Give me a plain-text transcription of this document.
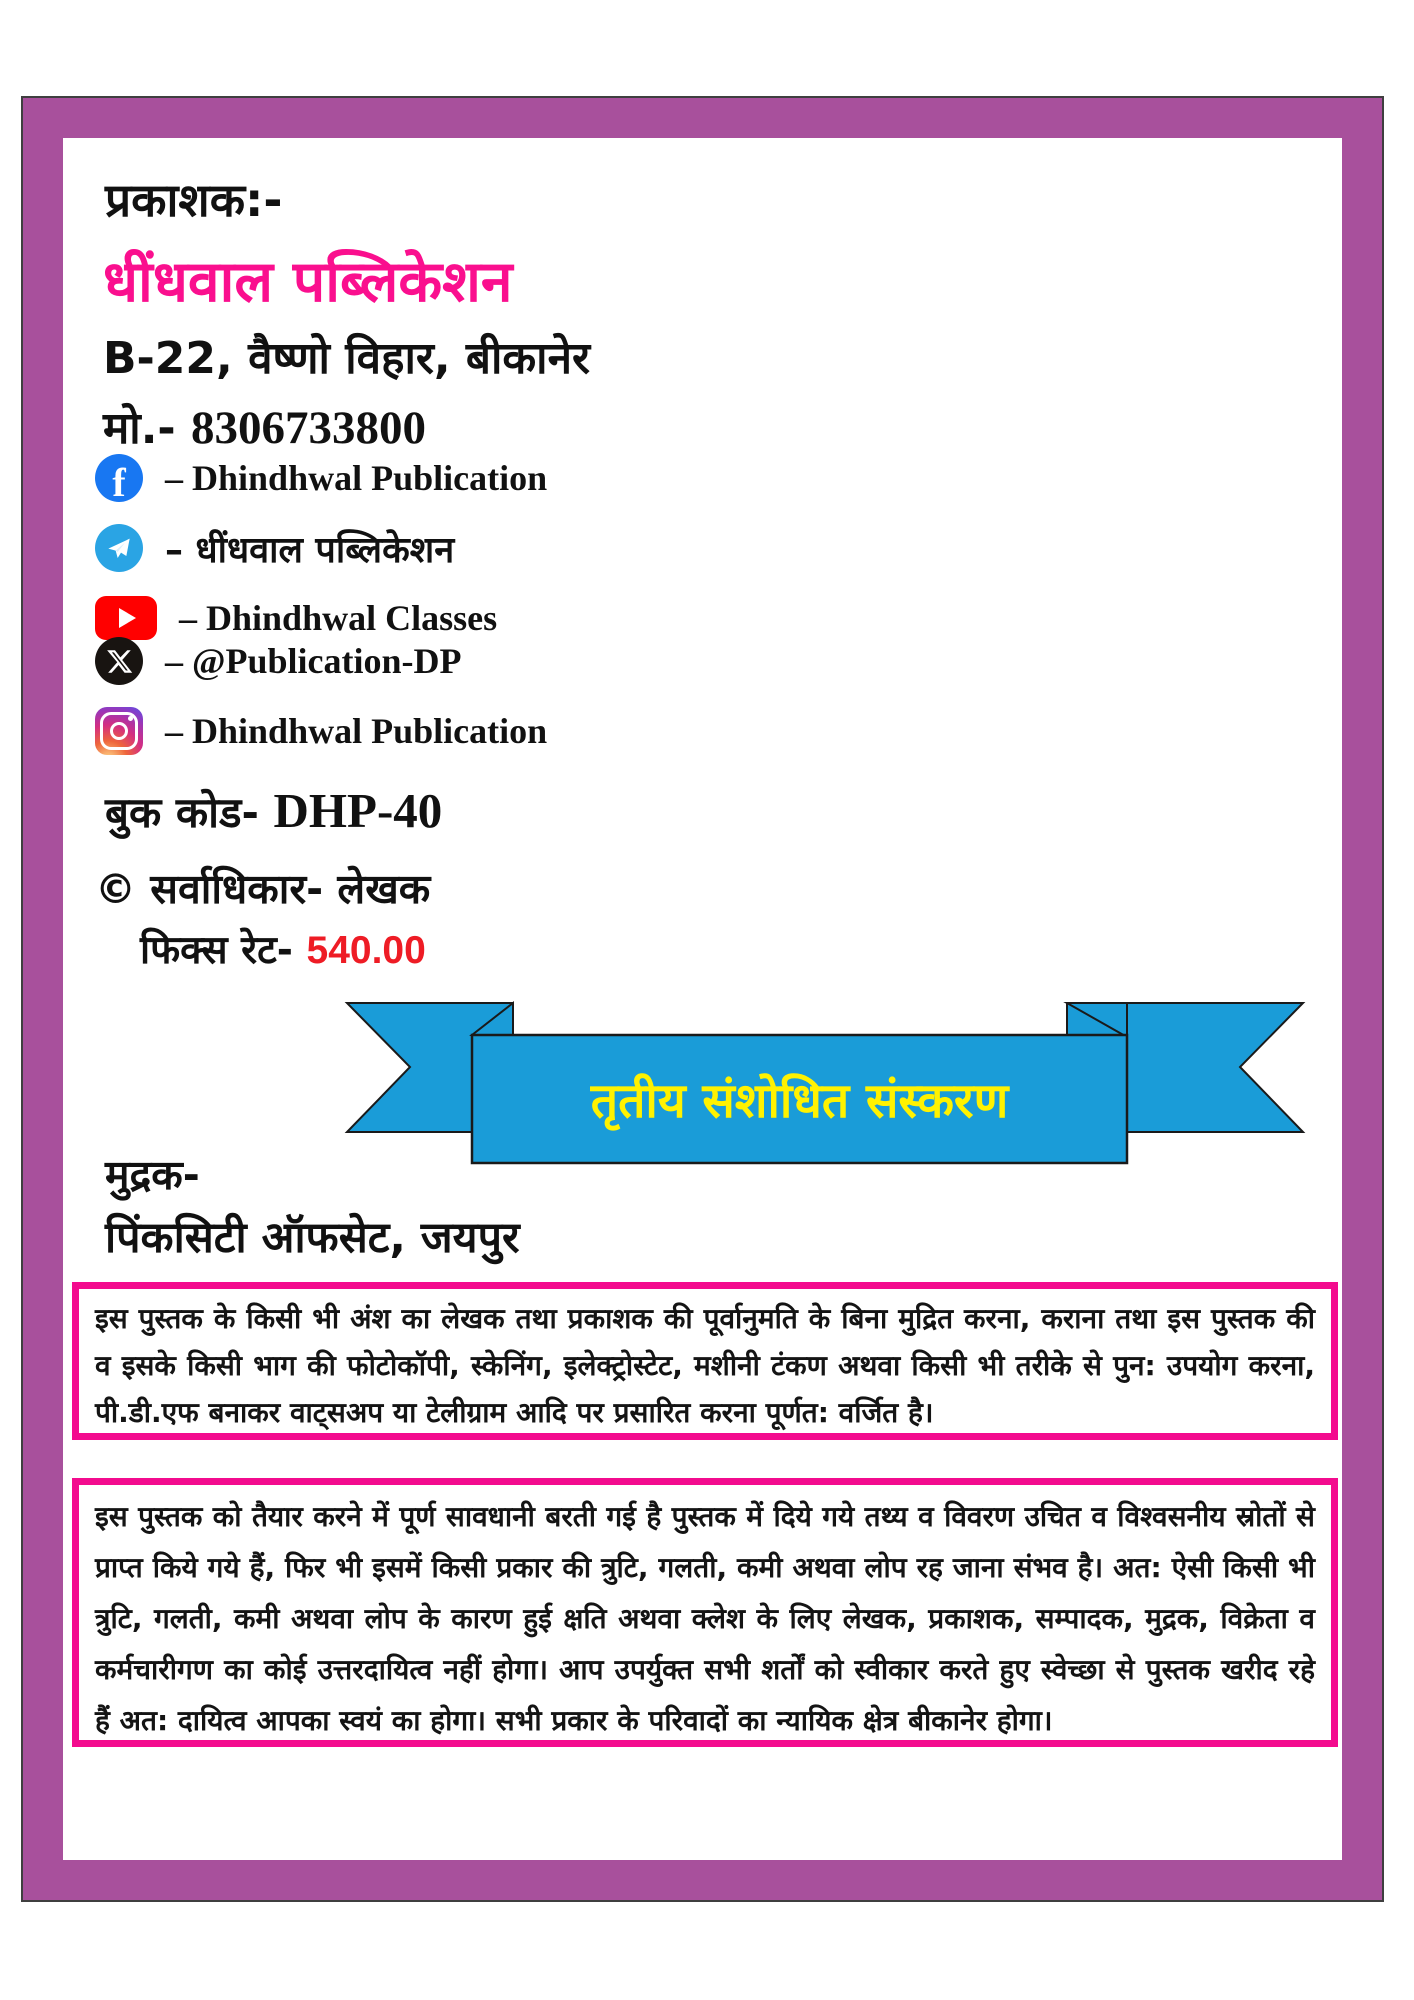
प्रकाशक:-
धींधवाल पब्लिकेशन
B-22, वैष्णो विहार, बीकानेर
मो.- 8306733800
f – Dhindhwal Publication
– धींधवाल पब्लिकेशन
– Dhindhwal Classes
– @Publication-DP
– Dhindhwal Publication
बुक कोड- DHP-40
© सर्वाधिकार- लेखक
फिक्स रेट- 540.00
तृतीय संशोधित संस्करण
मुद्रक-
पिंकसिटी ऑफसेट, जयपुर
इस पुस्तक के किसी भी अंश का लेखक तथा प्रकाशक की पूर्वानुमति के बिना मुद्रित करना, कराना तथा इस पुस्तक की व इसके किसी भाग की फोटोकॉपी, स्केनिंग, इलेक्ट्रोस्टेट, मशीनी टंकण अथवा किसी भी तरीके से पुन: उपयोग करना, पी.डी.एफ बनाकर वाट्सअप या टेलीग्राम आदि पर प्रसारित करना पूर्णत: वर्जित है।
इस पुस्तक को तैयार करने में पूर्ण सावधानी बरती गई है पुस्तक में दिये गये तथ्य व विवरण उचित व विश्वसनीय स्रोतों से प्राप्त किये गये हैं, फिर भी इसमें किसी प्रकार की त्रुटि, गलती, कमी अथवा लोप रह जाना संभव है। अत: ऐसी किसी भी त्रुटि, गलती, कमी अथवा लोप के कारण हुई क्षति अथवा क्लेश के लिए लेखक, प्रकाशक, सम्पादक, मुद्रक, विक्रेता व कर्मचारीगण का कोई उत्तरदायित्व नहीं होगा। आप उपर्युक्त सभी शर्तों को स्वीकार करते हुए स्वेच्छा से पुस्तक खरीद रहे हैं अत: दायित्व आपका स्वयं का होगा। सभी प्रकार के परिवादों का न्यायिक क्षेत्र बीकानेर होगा।
